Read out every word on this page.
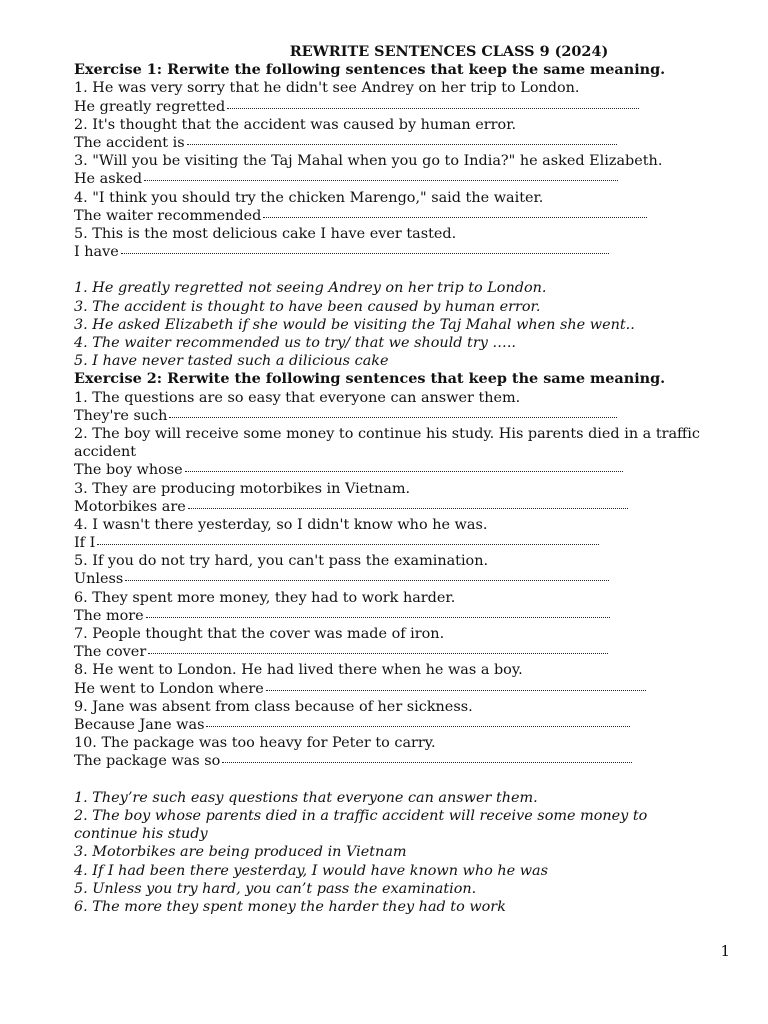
REWRITE SENTENCES CLASS 9 (2024)
Exercise 1: Rerwite the following sentences that keep the same meaning.
1. He was very sorry that he didn't see Andrey on her trip to London.
He greatly regretted
2. It's thought that the accident was caused by human error.
The accident is
3. "Will you be visiting the Taj Mahal when you go to India?" he asked Elizabeth.
He asked
4. "I think you should try the chicken Marengo," said the waiter.
The waiter recommended
5. This is the most delicious cake I have ever tasted.
I have
1. He greatly regretted not seeing Andrey on her trip to London.
3. The accident is thought to have been caused by human error.
3. He asked Elizabeth if she would be visiting the Taj Mahal when she went..
4. The waiter recommended us to try/ that we should try …..
5. I have never tasted such a dilicious cake
Exercise 2: Rerwite the following sentences that keep the same meaning.
1. The questions are so easy that everyone can answer them.
They're such
2. The boy will receive some money to continue his study. His parents died in a traffic accident
The boy whose
3. They are producing motorbikes in Vietnam.
Motorbikes are
4. I wasn't there yesterday, so I didn't know who he was.
If I
5. If you do not try hard, you can't pass the examination.
Unless
6. They spent more money, they had to work harder.
The more
7. People thought that the cover was made of iron.
The cover
8. He went to London. He had lived there when he was a boy.
He went to London where
9. Jane was absent from class because of her sickness.
Because Jane was
10. The package was too heavy for Peter to carry.
The package was so
1. They’re such easy questions that everyone can answer them.
2. The boy whose parents died in a traffic accident will receive some money to continue his study
3. Motorbikes are being produced in Vietnam
4. If I had been there yesterday, I would have known who he was
5. Unless you try hard, you can’t pass the examination.
6. The more they spent money the harder they had to work
1
